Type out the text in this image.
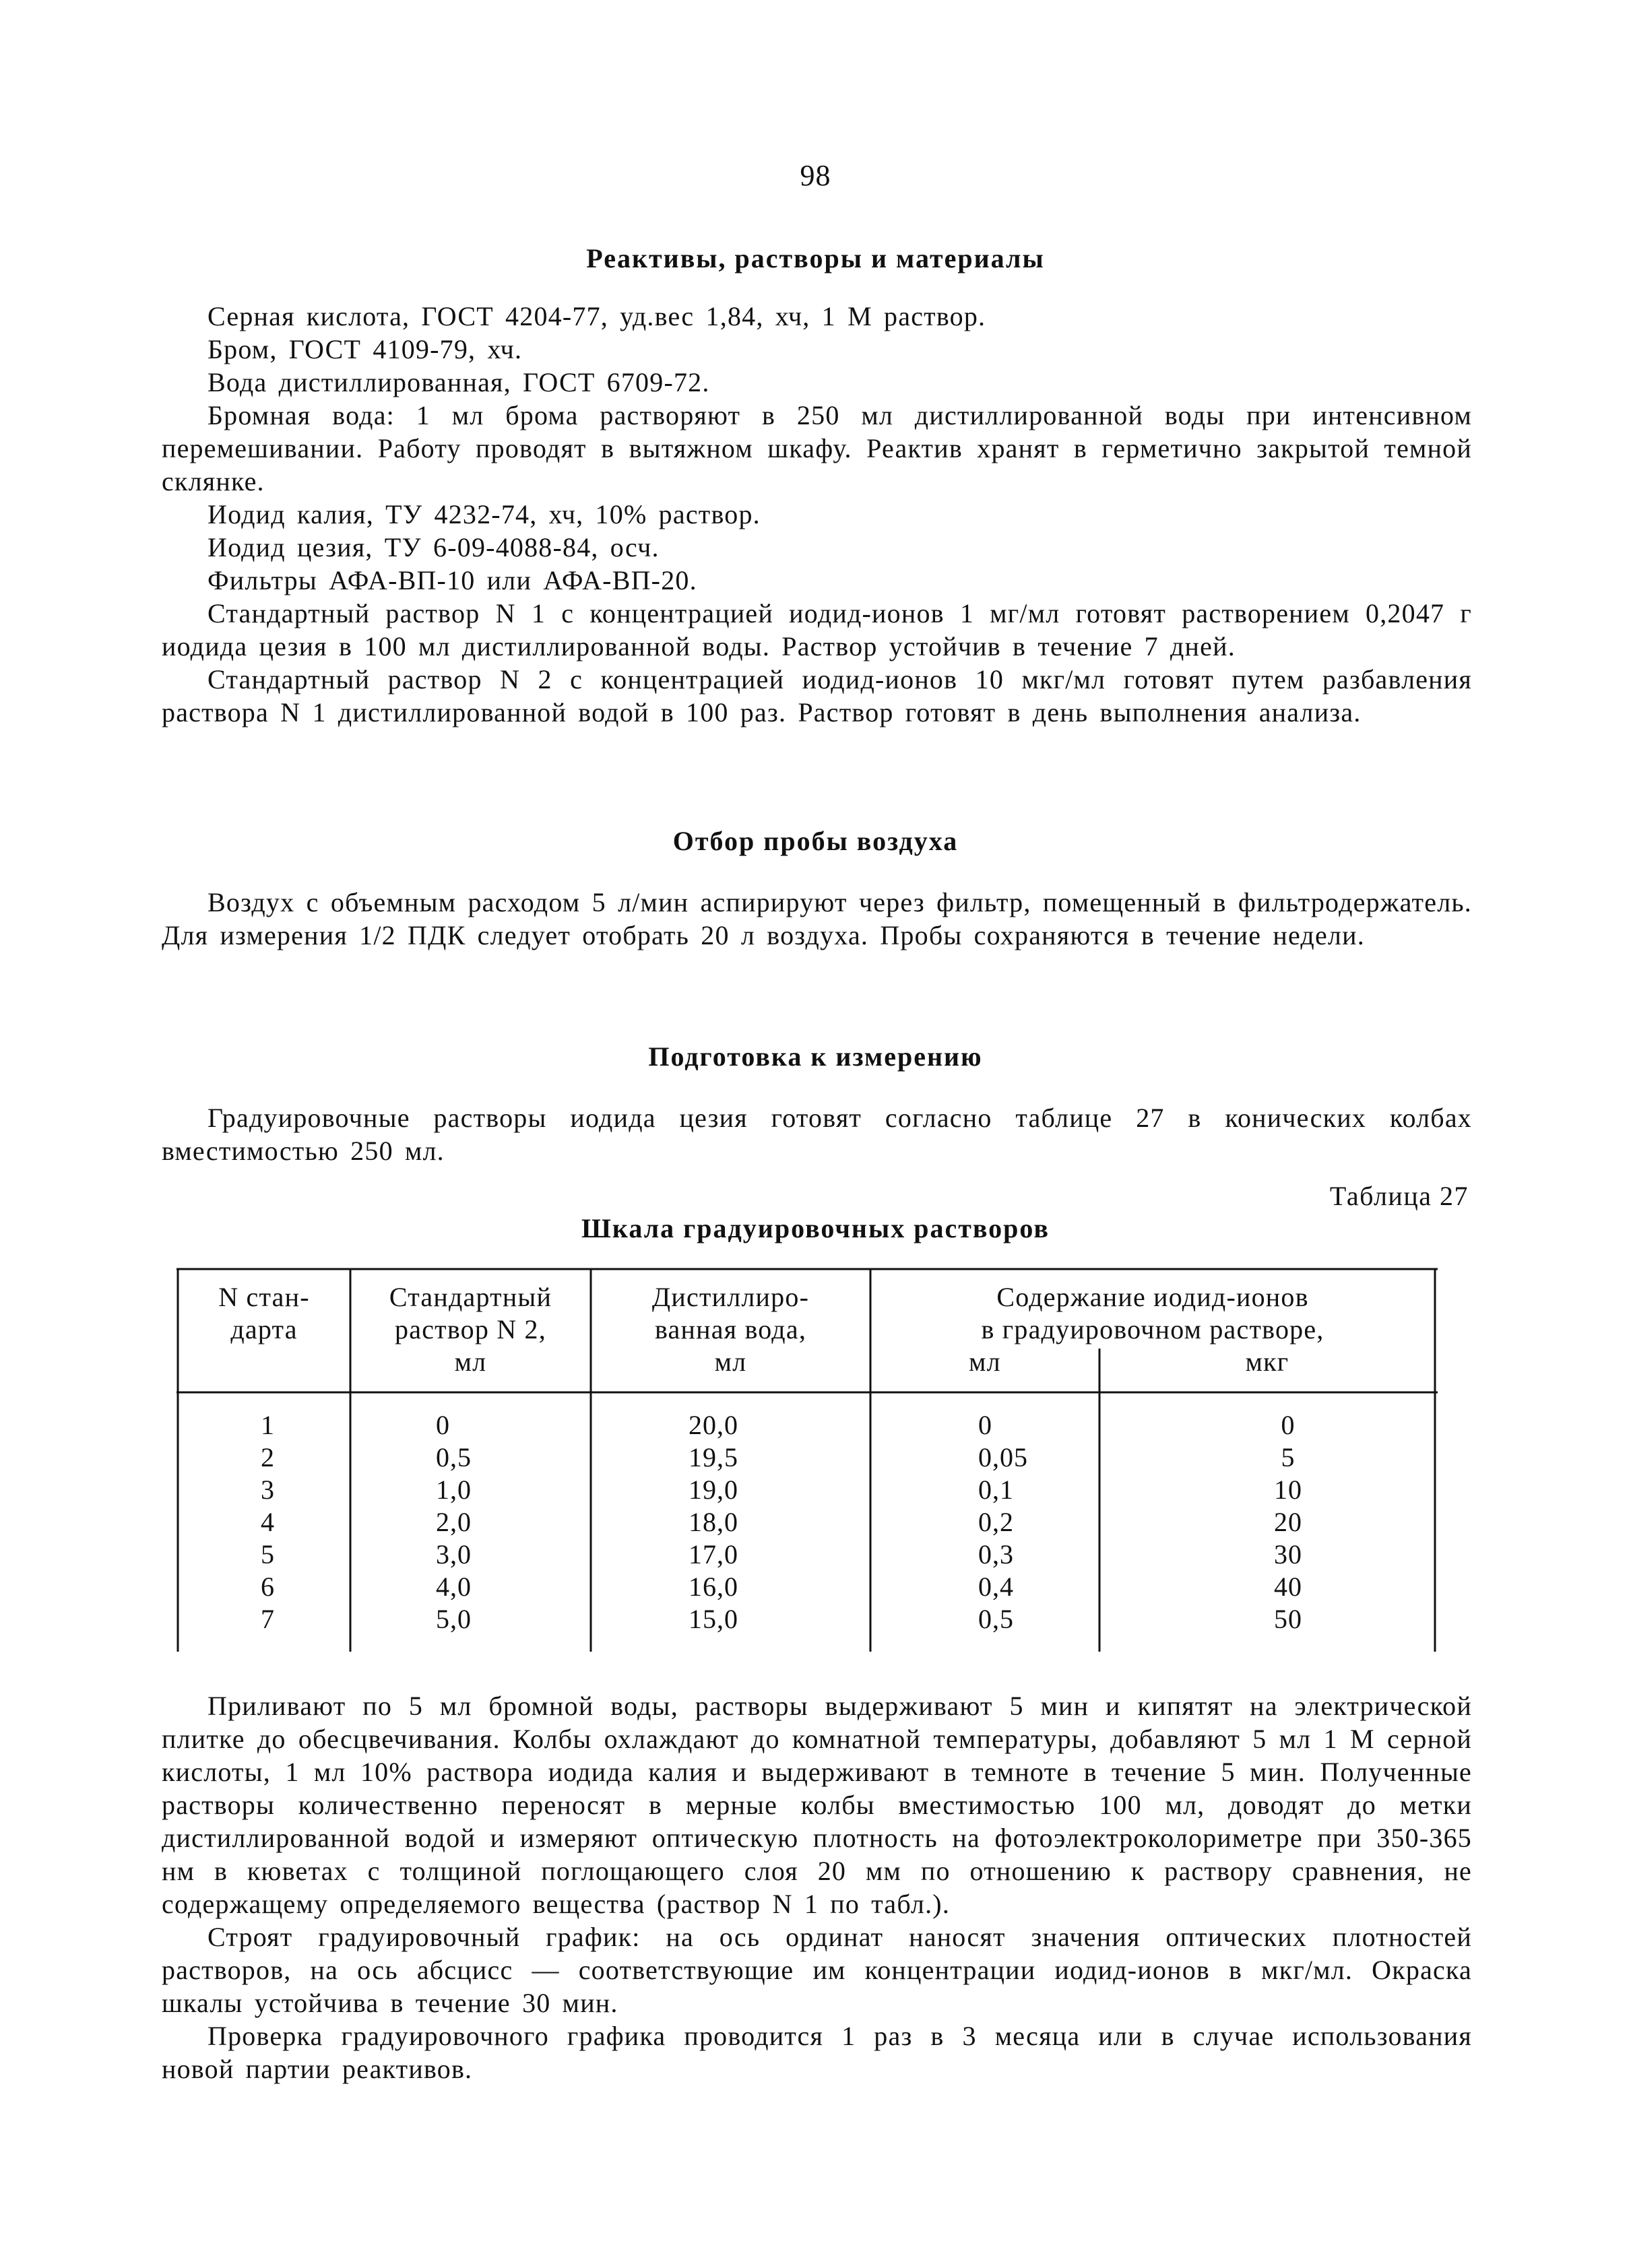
98
Реактивы, растворы и материалы

Серная кислота, ГОСТ 4204-77, уд.вес 1,84, хч, 1 М раствор.

Бром, ГОСТ 4109-79, хч.

Вода дистиллированная, ГОСТ 6709-72.

Бромная вода: 1 мл брома растворяют в 250 мл дистиллированной воды при интенсивном перемешивании. Работу проводят в вытяжном шкафу. Реактив хранят в герметично закрытой темной склянке.

Иодид калия, ТУ 4232-74, хч, 10% раствор.

Иодид цезия, ТУ 6-09-4088-84, осч.

Фильтры АФА-ВП-10 или АФА-ВП-20.

Стандартный раствор N 1 с концентрацией иодид-ионов 1 мг/мл готовят растворением 0,2047 г иодида цезия в 100 мл дистиллированной воды. Раствор устойчив в течение 7 дней.

Стандартный раствор N 2 с концентрацией иодид-ионов 10 мкг/мл готовят путем разбавления раствора N 1 дистиллированной водой в 100 раз. Раствор готовят в день выполнения анализа.

Отбор пробы воздуха

Воздух с объемным расходом 5 л/мин аспирируют через фильтр, помещенный в фильтродержатель. Для измерения 1/2 ПДК следует отобрать 20 л воздуха. Пробы сохраняются в течение недели.

Подготовка к измерению

Градуировочные растворы иодида цезия готовят согласно таблице 27 в конических колбах вместимостью 250 мл.

Таблица 27
Шкала градуировочных растворов
N стан-
дарта
Стандартный
раствор N 2,
мл
Дистиллиро-
ванная вода,
мл
Содержание иодид-ионов
в градуировочном растворе,
мл	мкг
1
2
3
4
5
6
7
0
0,5
1,0
2,0
3,0
4,0
5,0
20,0
19,5
19,0
18,0
17,0
16,0
15,0
0
0,05
0,1
0,2
0,3
0,4
0,5
0
5
10
20
30
40
50

Приливают по 5 мл бромной воды, растворы выдерживают 5 мин и кипятят на электрической плитке до обесцвечивания. Колбы охлаждают до комнатной температуры, добавляют 5 мл 1 М серной кислоты, 1 мл 10% раствора иодида калия и выдерживают в темноте в течение 5 мин. Полученные растворы количественно переносят в мерные колбы вместимостью 100 мл, доводят до метки дистиллированной водой и измеряют оптическую плотность на фотоэлектроколориметре при 350-365 нм в кюветах с толщиной поглощающего слоя 20 мм по отношению к раствору сравнения, не содержащему определяемого вещества (раствор N 1 по табл.).

Строят градуировочный график: на ось ординат наносят значения оптических плотностей растворов, на ось абсцисс — соответствующие им концентрации иодид-ионов в мкг/мл. Окраска шкалы устойчива в течение 30 мин.

Проверка градуировочного графика проводится 1 раз в 3 месяца или в случае использования новой партии реактивов.
